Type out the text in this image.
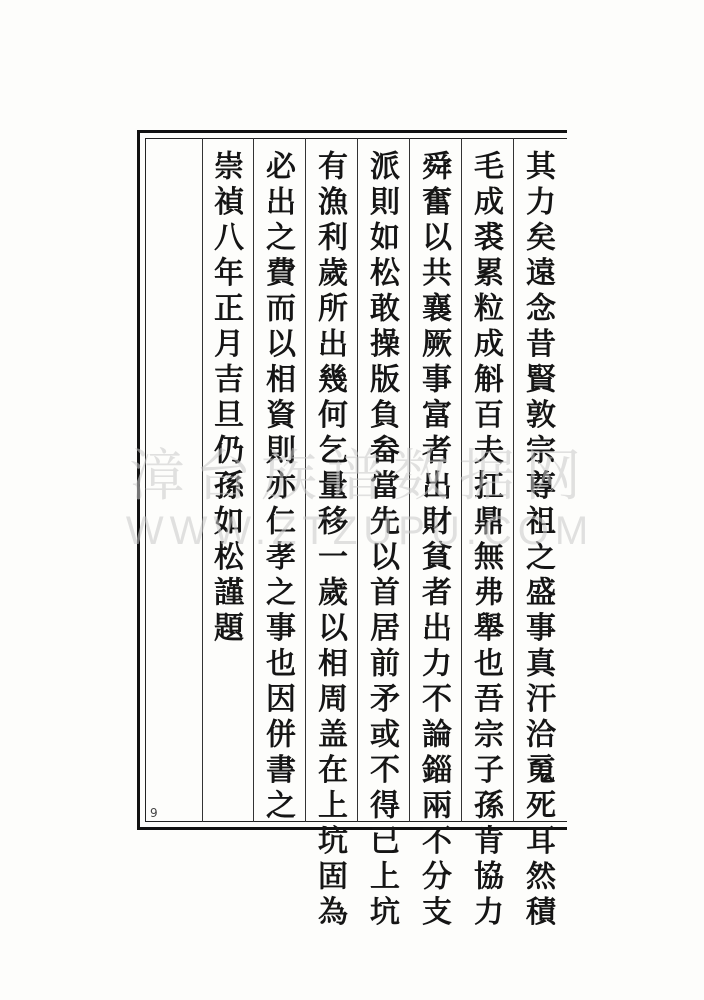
其力矣遠念昔賢敦宗尊祖之盛事真汗洽䰟死耳然積
毛成裘累粒成斛百夫扛鼎無弗舉也吾宗子孫肯協力
舜奮以共襄厥事富者出財貧者出力不論錙兩不分支
派則如松敢操版負畚當先以首居前矛或不得已上坑
有漁利歲所出幾何乞量移一歲以相周盖在上坑固為
必出之費而以相資則亦仁孝之事也因併書之
崇禎八年正月吉旦仍孫如松謹題
9
漳台族谱数据网
WWW.ZTZUPU.COM
